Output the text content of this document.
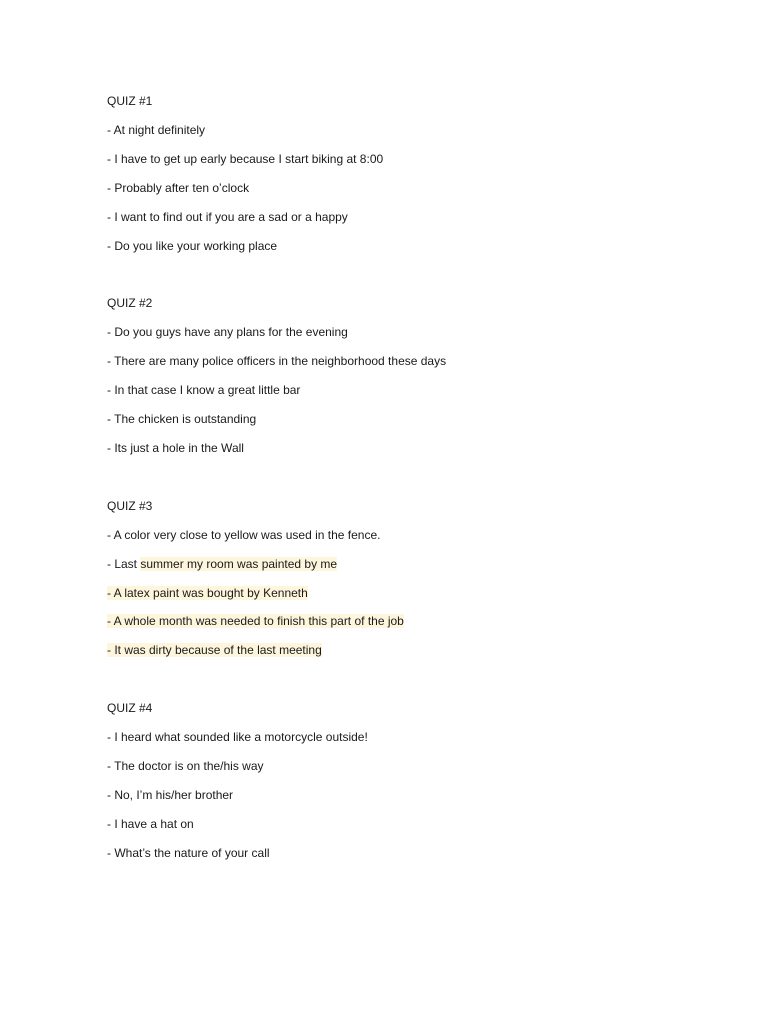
QUIZ #1
- At night definitely
- I have to get up early because I start biking at 8:00
- Probably after ten o’clock
- I want to find out if you are a sad or a happy
- Do you like your working place
QUIZ #2
- Do you guys have any plans for the evening
- There are many police officers in the neighborhood these days
- In that case I know a great little bar
- The chicken is outstanding
- Its just a hole in the Wall
QUIZ #3
- A color very close to yellow was used in the fence.
- Last summer my room was painted by me
- A latex paint was bought by Kenneth
- A whole month was needed to finish this part of the job
- It was dirty because of the last meeting
QUIZ #4
- I heard what sounded like a motorcycle outside!
- The doctor is on the/his way
- No, I’m his/her brother
- I have a hat on
- What’s the nature of your call
